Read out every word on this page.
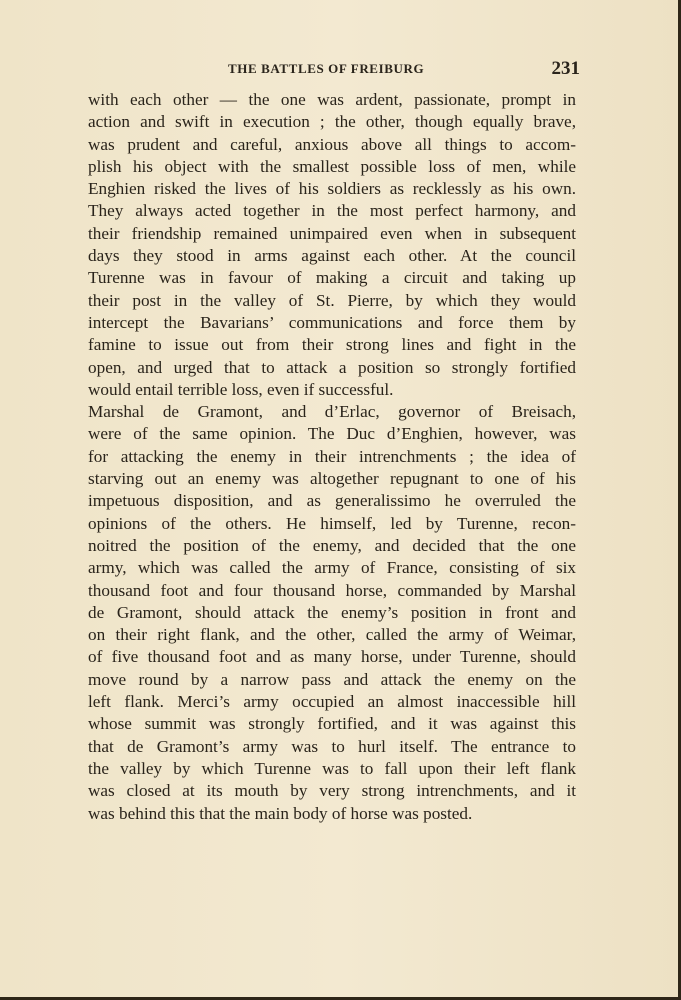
THE BATTLES OF FREIBURG	231
with each other — the one was ardent, passionate, prompt in
action and swift in execution ; the other, though equally brave,
was prudent and careful, anxious above all things to accom-
plish his object with the smallest possible loss of men, while
Enghien risked the lives of his soldiers as recklessly as his own.
They always acted together in the most perfect harmony, and
their friendship remained unimpaired even when in subsequent
days they stood in arms against each other. At the council
Turenne was in favour of making a circuit and taking up
their post in the valley of St. Pierre, by which they would
intercept the Bavarians’ communications and force them by
famine to issue out from their strong lines and fight in the
open, and urged that to attack a position so strongly fortified
would entail terrible loss, even if successful.
Marshal de Gramont, and d’Erlac, governor of Breisach,
were of the same opinion. The Duc d’Enghien, however, was
for attacking the enemy in their intrenchments ; the idea of
starving out an enemy was altogether repugnant to one of his
impetuous disposition, and as generalissimo he overruled the
opinions of the others. He himself, led by Turenne, recon-
noitred the position of the enemy, and decided that the one
army, which was called the army of France, consisting of six
thousand foot and four thousand horse, commanded by Marshal
de Gramont, should attack the enemy’s position in front and
on their right flank, and the other, called the army of Weimar,
of five thousand foot and as many horse, under Turenne, should
move round by a narrow pass and attack the enemy on the
left flank. Merci’s army occupied an almost inaccessible hill
whose summit was strongly fortified, and it was against this
that de Gramont’s army was to hurl itself. The entrance to
the valley by which Turenne was to fall upon their left flank
was closed at its mouth by very strong intrenchments, and it
was behind this that the main body of horse was posted.
